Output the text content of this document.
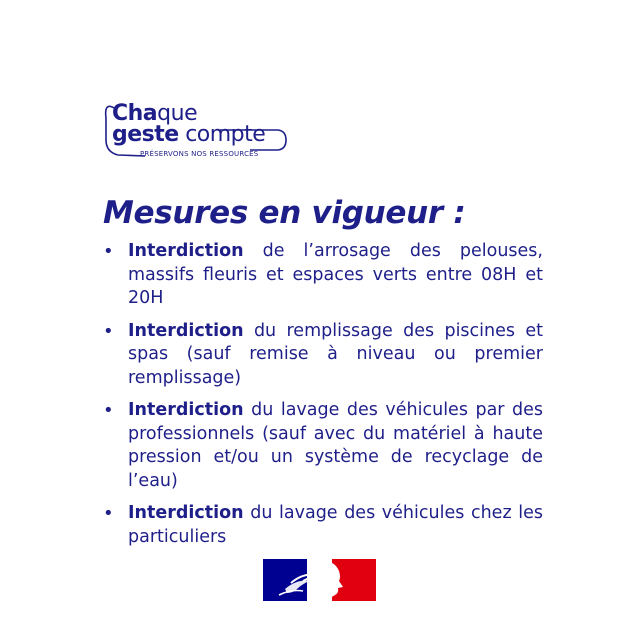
Chaque
geste compte
PRÉSERVONS NOS RESSOURCES
Mesures en vigueur :
• Interdiction de l’arrosage des pelouses, massifs fleuris et espaces verts entre 08H et 20H
• Interdiction du remplissage des piscines et spas (sauf remise à niveau ou premier remplissage)
• Interdiction du lavage des véhicules par des professionnels (sauf avec du matériel à haute pression et/ou un système de recyclage de l’eau)
• Interdiction du lavage des véhicules chez les particuliers
